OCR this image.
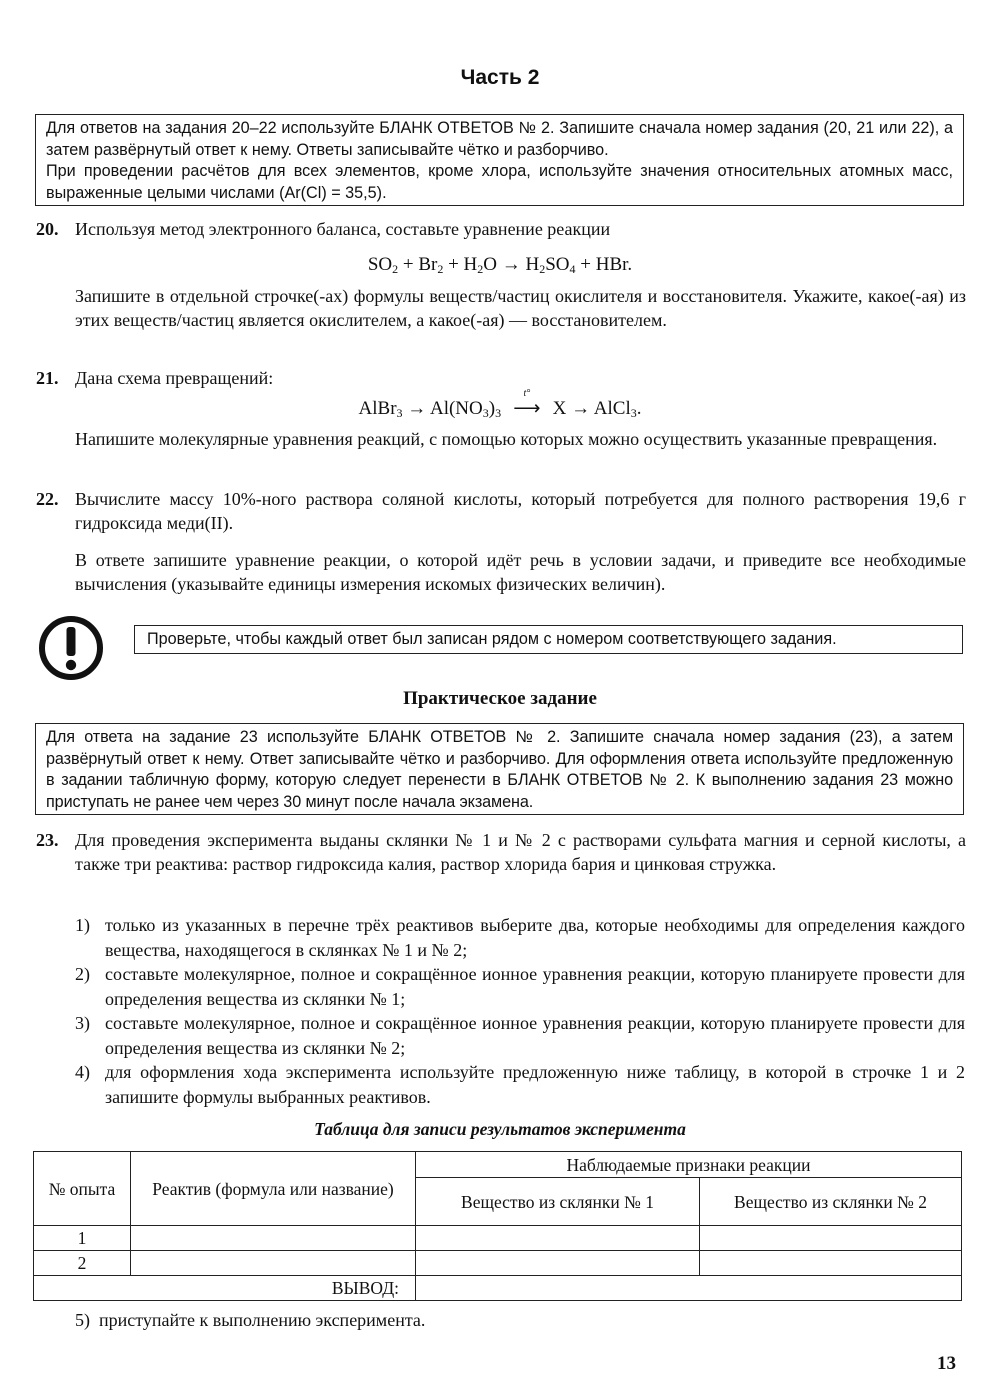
Часть 2

Для ответов на задания 20–22 используйте БЛАНК ОТВЕТОВ № 2. Запишите сначала номер задания (20, 21 или 22), а затем развёрнутый ответ к нему. Ответы записывайте чётко и разборчиво.

При проведении расчётов для всех элементов, кроме хлора, используйте значения относительных атомных масс, выраженные целыми числами (Ar(Cl) = 35,5).

20. Используя метод электронного баланса, составьте уравнение реакции
$SO_2 + Br_2 + H_2O \to H_2SO_4$ + HBr.
Запишите в отдельной строчке(-ах) формулы веществ/частиц окислителя и восстановителя. Укажите, какое(-ая) из этих веществ/частиц является окислителем, а какое(-ая) — восстановителем.
21. Дана схема превращений:
AlBr$_3$ → $Al(NO_3)_3$
t°
⟶ X → AlCl$_3$.
Напишите молекулярные уравнения реакций, с помощью которых можно осуществить указанные превращения.
22. Вычислите массу 10%-ного раствора соляной кислоты, который потребуется для полного растворения 19,6 г гидроксида меди(II).
В ответе запишите уравнение реакции, о которой идёт речь в условии задачи, и приведите все необходимые вычисления (указывайте единицы измерения искомых физических величин).
Проверьте, чтобы каждый ответ был записан рядом с номером соответствующего задания.
Практическое задание

Для ответа на задание 23 используйте БЛАНК ОТВЕТОВ № 2. Запишите сначала номер задания (23), а затем развёрнутый ответ к нему. Ответ записывайте чётко и разборчиво. Для оформления ответа используйте предложенную в задании табличную форму, которую следует перенести в БЛАНК ОТВЕТОВ № 2. К выполнению задания 23 можно приступать не ранее чем через 30 минут после начала экзамена.

23. Для проведения эксперимента выданы склянки № 1 и № 2 с растворами сульфата магния и серной кислоты, а также три реактива: раствор гидроксида калия, раствор хлорида бария и цинковая стружка.
1) только из указанных в перечне трёх реактивов выберите два, которые необходимы для определения каждого вещества, находящегося в склянках № 1 и № 2;
2) составьте молекулярное, полное и сокращённое ионное уравнения реакции, которую планируете провести для определения вещества из склянки № 1;
3) составьте молекулярное, полное и сокращённое ионное уравнения реакции, которую планируете провести для определения вещества из склянки № 2;
4) для оформления хода эксперимента используйте предложенную ниже таблицу, в которой в строчке 1 и 2 запишите формулы выбранных реактивов.
Таблица для записи результатов эксперимента
№ опыта	Реактив (формула или название)	Наблюдаемые признаки реакции	
		Вещество из склянки № 1	Вещество из склянки № 2
1			
2			
ВЫВОД:			
5) приступайте к выполнению эксперимента.
13
